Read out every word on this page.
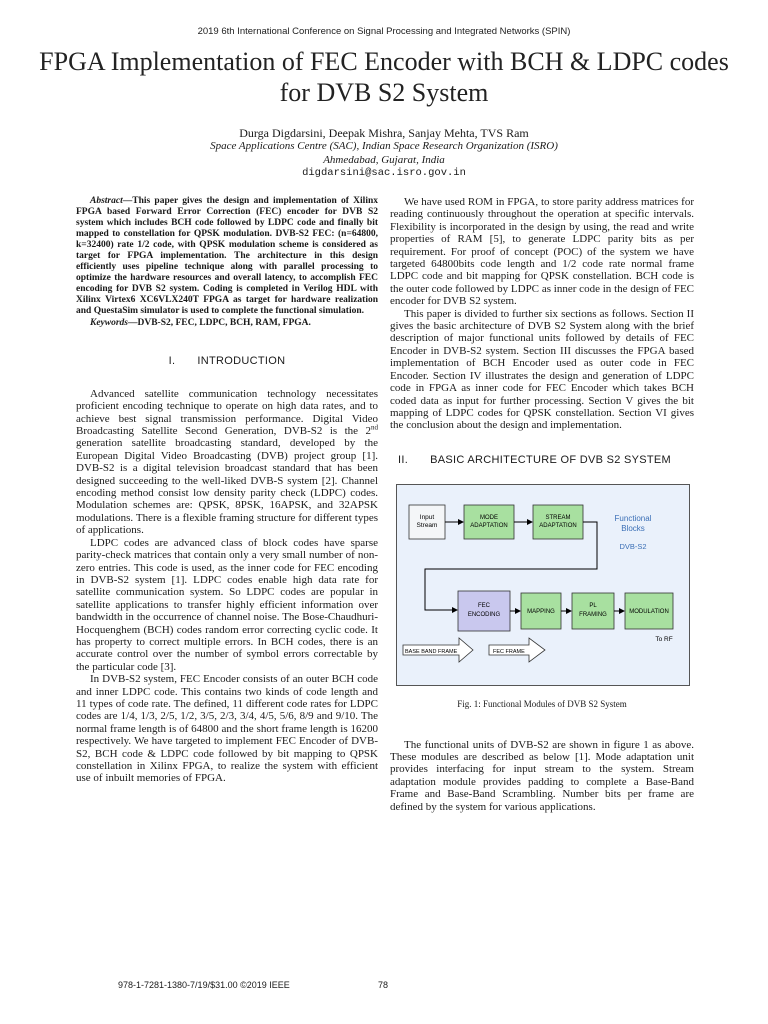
2019 6th International Conference on Signal Processing and Integrated Networks (SPIN)
FPGA Implementation of FEC Encoder with BCH & LDPC codes for DVB S2 System
Durga Digdarsini, Deepak Mishra, Sanjay Mehta, TVS Ram
Space Applications Centre (SAC), Indian Space Research Organization (ISRO)
Ahmedabad, Gujarat, India
digdarsini@sac.isro.gov.in

Abstract—This paper gives the design and implementation of Xilinx FPGA based Forward Error Correction (FEC) encoder for DVB S2 system which includes BCH code followed by LDPC code and finally bit mapped to constellation for QPSK modulation. DVB-S2 FEC: (n=64800, k=32400) rate 1/2 code, with QPSK modulation scheme is considered as target for FPGA implementation. The architecture in this design efficiently uses pipeline technique along with parallel processing to optimize the hardware resources and overall latency, to accomplish FEC encoding for DVB S2 system. Coding is completed in Verilog HDL with Xilinx Virtex6 XC6VLX240T FPGA as target for hardware realization and QuestaSim simulator is used to complete the functional simulation.

Keywords—DVB-S2, FEC, LDPC, BCH, RAM, FPGA.

I. INTRODUCTION

Advanced satellite communication technology necessitates proficient encoding technique to operate on high data rates, and to achieve best signal transmission performance. Digital Video Broadcasting Satellite Second Generation, DVB-S2 is the 2nd generation satellite broadcasting standard, developed by the European Digital Video Broadcasting (DVB) project group [1]. DVB-S2 is a digital television broadcast standard that has been designed succeeding to the well-liked DVB-S system [2]. Channel encoding method consist low density parity check (LDPC) codes. Modulation schemes are: QPSK, 8PSK, 16APSK, and 32APSK modulations. There is a flexible framing structure for different types of applications.

LDPC codes are advanced class of block codes have sparse parity-check matrices that contain only a very small number of non-zero entries. This code is used, as the inner code for FEC encoding in DVB-S2 system [1]. LDPC codes enable high data rate for satellite communication system. So LDPC codes are popular in satellite applications to transfer highly efficient information over bandwidth in the occurrence of channel noise. The Bose-Chaudhuri-Hocquenghem (BCH) codes random error correcting cyclic code. It has property to correct multiple errors. In BCH codes, there is an accurate control over the number of symbol errors correctable by the particular code [3].

In DVB-S2 system, FEC Encoder consists of an outer BCH code and inner LDPC code. This contains two kinds of code length and 11 types of code rate. The defined, 11 different code rates for LDPC codes are 1/4, 1/3, 2/5, 1/2, 3/5, 2/3, 3/4, 4/5, 5/6, 8/9 and 9/10. The normal frame length is of 64800 and the short frame length is 16200 respectively. We have targeted to implement FEC Encoder of DVB-S2, BCH code & LDPC code followed by bit mapping to QPSK constellation in Xilinx FPGA, to realize the system with efficient use of inbuilt memories of FPGA.

We have used ROM in FPGA, to store parity address matrices for reading continuously throughout the operation at specific intervals. Flexibility is incorporated in the design by using, the read and write properties of RAM [5], to generate LDPC parity bits as per requirement. For proof of concept (POC) of the system we have targeted 64800bits code length and 1/2 code rate normal frame LDPC code and bit mapping for QPSK constellation. BCH code is the outer code followed by LDPC as inner code in the design of FEC encoder for DVB S2 system.

This paper is divided to further six sections as follows. Section II gives the basic architecture of DVB S2 System along with the brief description of major functional units followed by details of FEC Encoder in DVB-S2 system. Section III discusses the FPGA based implementation of BCH Encoder used as outer code in FEC Encoder. Section IV illustrates the design and generation of LDPC code in FPGA as inner code for FEC Encoder which takes BCH coded data as input for further processing. Section V gives the bit mapping of LDPC codes for QPSK constellation. Section VI gives the conclusion about the design and implementation.

II. BASIC ARCHITECTURE OF DVB S2 SYSTEM
Input
Stream
MODE
ADAPTATION
STREAM
ADAPTATION
Functional
Blocks
DVB-S2
FEC
ENCODING	MAPPING
PL
FRAMING	MODULATION
To RF
BASE BAND FRAME	FEC FRAME
Fig. 1: Functional Modules of DVB S2 System

The functional units of DVB-S2 are shown in figure 1 as above. These modules are described as below [1]. Mode adaptation unit provides interfacing for input stream to the system. Stream adaptation module provides padding to complete a Base-Band Frame and Base-Band Scrambling. Number bits per frame are defined by the system for various applications.

978-1-7281-1380-7/19/$31.00 ©2019 IEEE	78
